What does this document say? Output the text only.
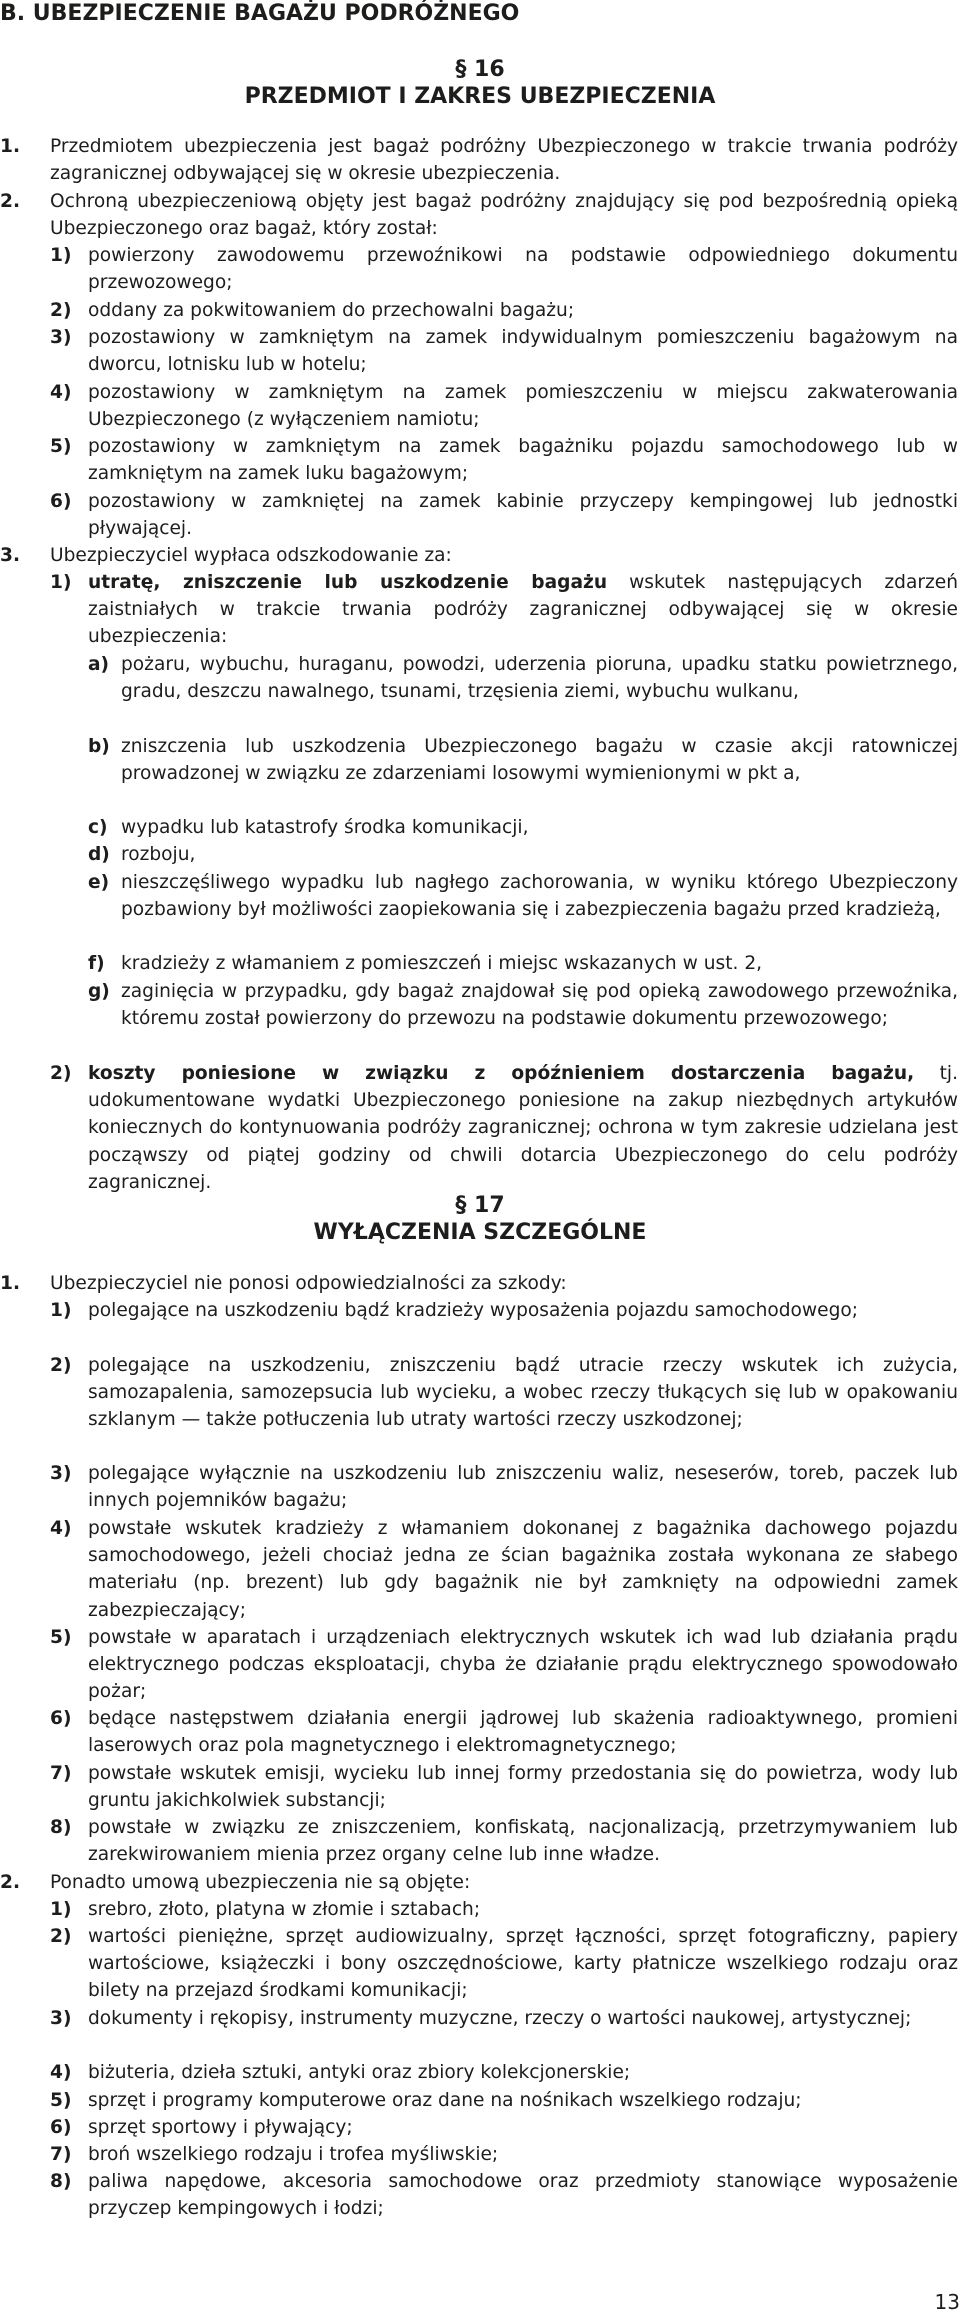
B. UBEZPIECZENIE BAGAŻU PODRÓŻNEGO
§ 16
PRZEDMIOT I ZAKRES UBEZPIECZENIA
1. Przedmiotem ubezpieczenia jest bagaż podróżny Ubezpieczonego w trakcie trwania podróży zagranicznej odbywającej się w okresie ubezpieczenia.
2. Ochroną ubezpieczeniową objęty jest bagaż podróżny znajdujący się pod bezpośrednią opieką Ubezpieczonego oraz bagaż, który został:
1) powierzony zawodowemu przewoźnikowi na podstawie odpowiedniego dokumentu przewozowego;
2) oddany za pokwitowaniem do przechowalni bagażu;
3) pozostawiony w zamkniętym na zamek indywidualnym pomieszczeniu bagażowym na dworcu, lotnisku lub w hotelu;
4) pozostawiony w zamkniętym na zamek pomieszczeniu w miejscu zakwaterowania Ubezpieczonego (z wyłączeniem namiotu;
5) pozostawiony w zamkniętym na zamek bagażniku pojazdu samochodowego lub w zamkniętym na zamek luku bagażowym;
6) pozostawiony w zamkniętej na zamek kabinie przyczepy kempingowej lub jednostki pływającej.
3. Ubezpieczyciel wypłaca odszkodowanie za:
1) utratę, zniszczenie lub uszkodzenie bagażu wskutek następujących zdarzeń zaistniałych w trakcie trwania podróży zagranicznej odbywającej się w okresie ubezpieczenia:
a) pożaru, wybuchu, huraganu, powodzi, uderzenia pioruna, upadku statku powietrznego, gradu, deszczu nawalnego, tsunami, trzęsienia ziemi, wybuchu wulkanu,
b) zniszczenia lub uszkodzenia Ubezpieczonego bagażu w czasie akcji ratowniczej prowadzonej w związku ze zdarzeniami losowymi wymienionymi w pkt a,
c) wypadku lub katastrofy środka komunikacji,
d) rozboju,
e) nieszczęśliwego wypadku lub nagłego zachorowania, w wyniku którego Ubezpieczony pozbawiony był możliwości zaopiekowania się i zabezpieczenia bagażu przed kradzieżą,
f) kradzieży z włamaniem z pomieszczeń i miejsc wskazanych w ust. 2,
g) zaginięcia w przypadku, gdy bagaż znajdował się pod opieką zawodowego przewoźnika, któremu został powierzony do przewozu na podstawie dokumentu przewozowego;
2) koszty poniesione w związku z opóźnieniem dostarczenia bagażu, tj. udokumentowane wydatki Ubezpieczonego poniesione na zakup niezbędnych artykułów koniecznych do kontynuowania podróży zagranicznej; ochrona w tym zakresie udzielana jest począwszy od piątej godziny od chwili dotarcia Ubezpieczonego do celu podróży zagranicznej.
§ 17
WYŁĄCZENIA SZCZEGÓLNE
1. Ubezpieczyciel nie ponosi odpowiedzialności za szkody:
1) polegające na uszkodzeniu bądź kradzieży wyposażenia pojazdu samochodowego;
2) polegające na uszkodzeniu, zniszczeniu bądź utracie rzeczy wskutek ich zużycia, samozapalenia, samozepsucia lub wycieku, a wobec rzeczy tłukących się lub w opakowaniu szklanym — także potłuczenia lub utraty wartości rzeczy uszkodzonej;
3) polegające wyłącznie na uszkodzeniu lub zniszczeniu waliz, neseserów, toreb, paczek lub innych pojemników bagażu;
4) powstałe wskutek kradzieży z włamaniem dokonanej z bagażnika dachowego pojazdu samochodowego, jeżeli chociaż jedna ze ścian bagażnika została wykonana ze słabego materiału (np. brezent) lub gdy bagażnik nie był zamknięty na odpowiedni zamek zabezpieczający;
5) powstałe w aparatach i urządzeniach elektrycznych wskutek ich wad lub działania prądu elektrycznego podczas eksploatacji, chyba że działanie prądu elektrycznego spowodowało pożar;
6) będące następstwem działania energii jądrowej lub skażenia radioaktywnego, promieni laserowych oraz pola magnetycznego i elektromagnetycznego;
7) powstałe wskutek emisji, wycieku lub innej formy przedostania się do powietrza, wody lub gruntu jakichkolwiek substancji;
8) powstałe w związku ze zniszczeniem, konfiskatą, nacjonalizacją, przetrzymywaniem lub zarekwirowaniem mienia przez organy celne lub inne władze.
2. Ponadto umową ubezpieczenia nie są objęte:
1) srebro, złoto, platyna w złomie i sztabach;
2) wartości pieniężne, sprzęt audiowizualny, sprzęt łączności, sprzęt fotograficzny, papiery wartościowe, książeczki i bony oszczędnościowe, karty płatnicze wszelkiego rodzaju oraz bilety na przejazd środkami komunikacji;
3) dokumenty i rękopisy, instrumenty muzyczne, rzeczy o wartości naukowej, artystycznej;
4) biżuteria, dzieła sztuki, antyki oraz zbiory kolekcjonerskie;
5) sprzęt i programy komputerowe oraz dane na nośnikach wszelkiego rodzaju;
6) sprzęt sportowy i pływający;
7) broń wszelkiego rodzaju i trofea myśliwskie;
8) paliwa napędowe, akcesoria samochodowe oraz przedmioty stanowiące wyposażenie przyczep kempingowych i łodzi;
13
